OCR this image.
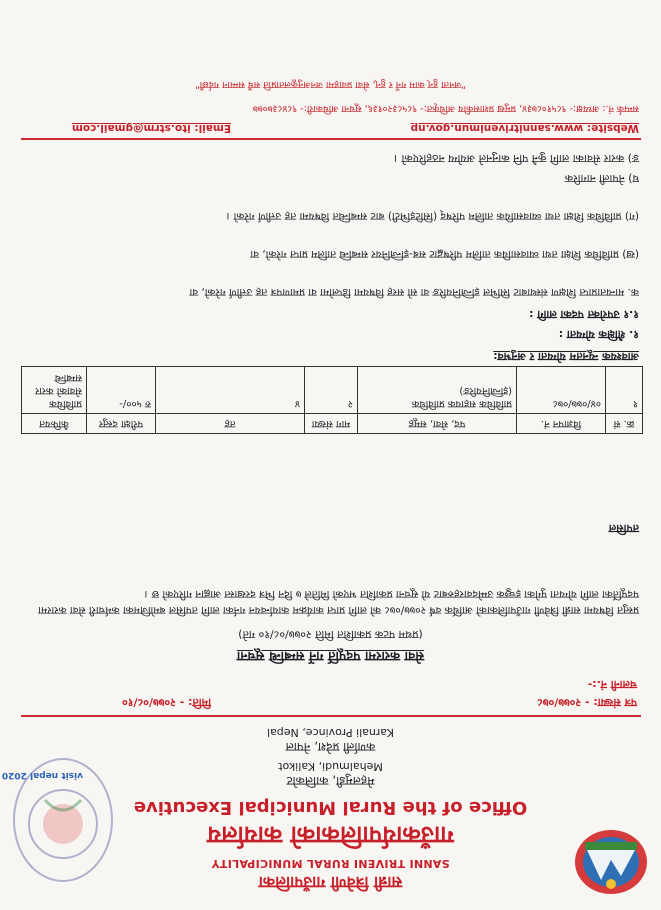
visit nepal 2020
सान्नी त्रिवेणी गाउँपालिका
SANNI TRIVENI RURAL MUNICIPALITY
गाउँकार्यपालिकाको कार्यालय
Office of the Rural Municipal Executive
मेहलमुडी, कालिकोट
Mehalmudi, Kalikot
कर्णाली प्रदेश, नेपाल
Karnali Province, Nepal
पत्र संख्या: - २०७७/०७८
चलानी नं.:-
मिति: - २०७७/०८/१०
सेवा करारमा पदपूर्ति गर्ने सम्बन्धि सूचना
(प्रथम पटक प्रकाशित मिति २०७७/०८/१० गते)
प्रस्तुत विषयमा सान्नी त्रिवेणी गाउँपालिकाको आर्थिक वर्ष २०७७/०७८ को लागि प्राप्त कार्यक्रम कार्यान्वयन गर्नका लागि तपसिल बमोजिमका कर्मचारी सेवा करारमा पदपूर्तिका लागि योग्यता पुगेका इच्छुक उम्मेदवारहरुबाट यो सूचना प्रकाशित भएको मितिले ७ दिन भित्र दरखास्त आह्वान गरिएको छ ।
तपसिल
क्र. सं	विज्ञापन नं.	पद, सेवा, समूह	माग संख्या	तह	परीक्षा दस्तुर	कैफियत
१	०४/०७७/०७८	प्राविधिक सहायक प्राविधिक (इन्जिनियरिङ)	२	४	रु ५००/-	प्राविधिक सेवाको करार सम्बन्धि
आवश्यक न्यूनतम योग्यता र अनुभव:
१. शैक्षिक योग्यता :
१.१ उपरोक्त पदका लागि :
क. मान्यताप्राप्त शिक्षण संस्थाबाट सिभिल इन्जिनियरिङ वा सो सरह विषयमा डिप्लोमा वा प्रमाणपत्र तह उत्तीर्ण गरेको, वा
(ख) प्राविधिक शिक्षा तथा व्यावसायिक तालिम परिषद्बाट सब-इन्जिनियर सम्बन्धि तालिम प्राप्त गरेको, वा
(ग) प्राविधिक शिक्षा तथा व्यावसायिक तालिम परिषद् (सिटिइभिटी) बाट सम्बन्धित विषयमा तह उत्तीर्ण गरेको ।
घ) नेपाली नागरिक
ङ) करार सेवाका लागि कुनै पनि कानुनले अयोग्य नठहरिएको ।
Website: www.sannitrivenimun.gov.np
Email: ito.strm@gmail.com
सम्पर्क नं.: अध्यक्ष:- ९८५१०८७३४, प्रमुख प्रशासकीय अधिकृत:- ९८५८३२०१३६, सूचना अधिकारी:- ९८४८३७०७७
"जनता हुन् काम गर्ने र हुन्, सेवा प्रवाहमा जनअनुकूलताप्रति सधैं सम्मान गर्दछौं"
